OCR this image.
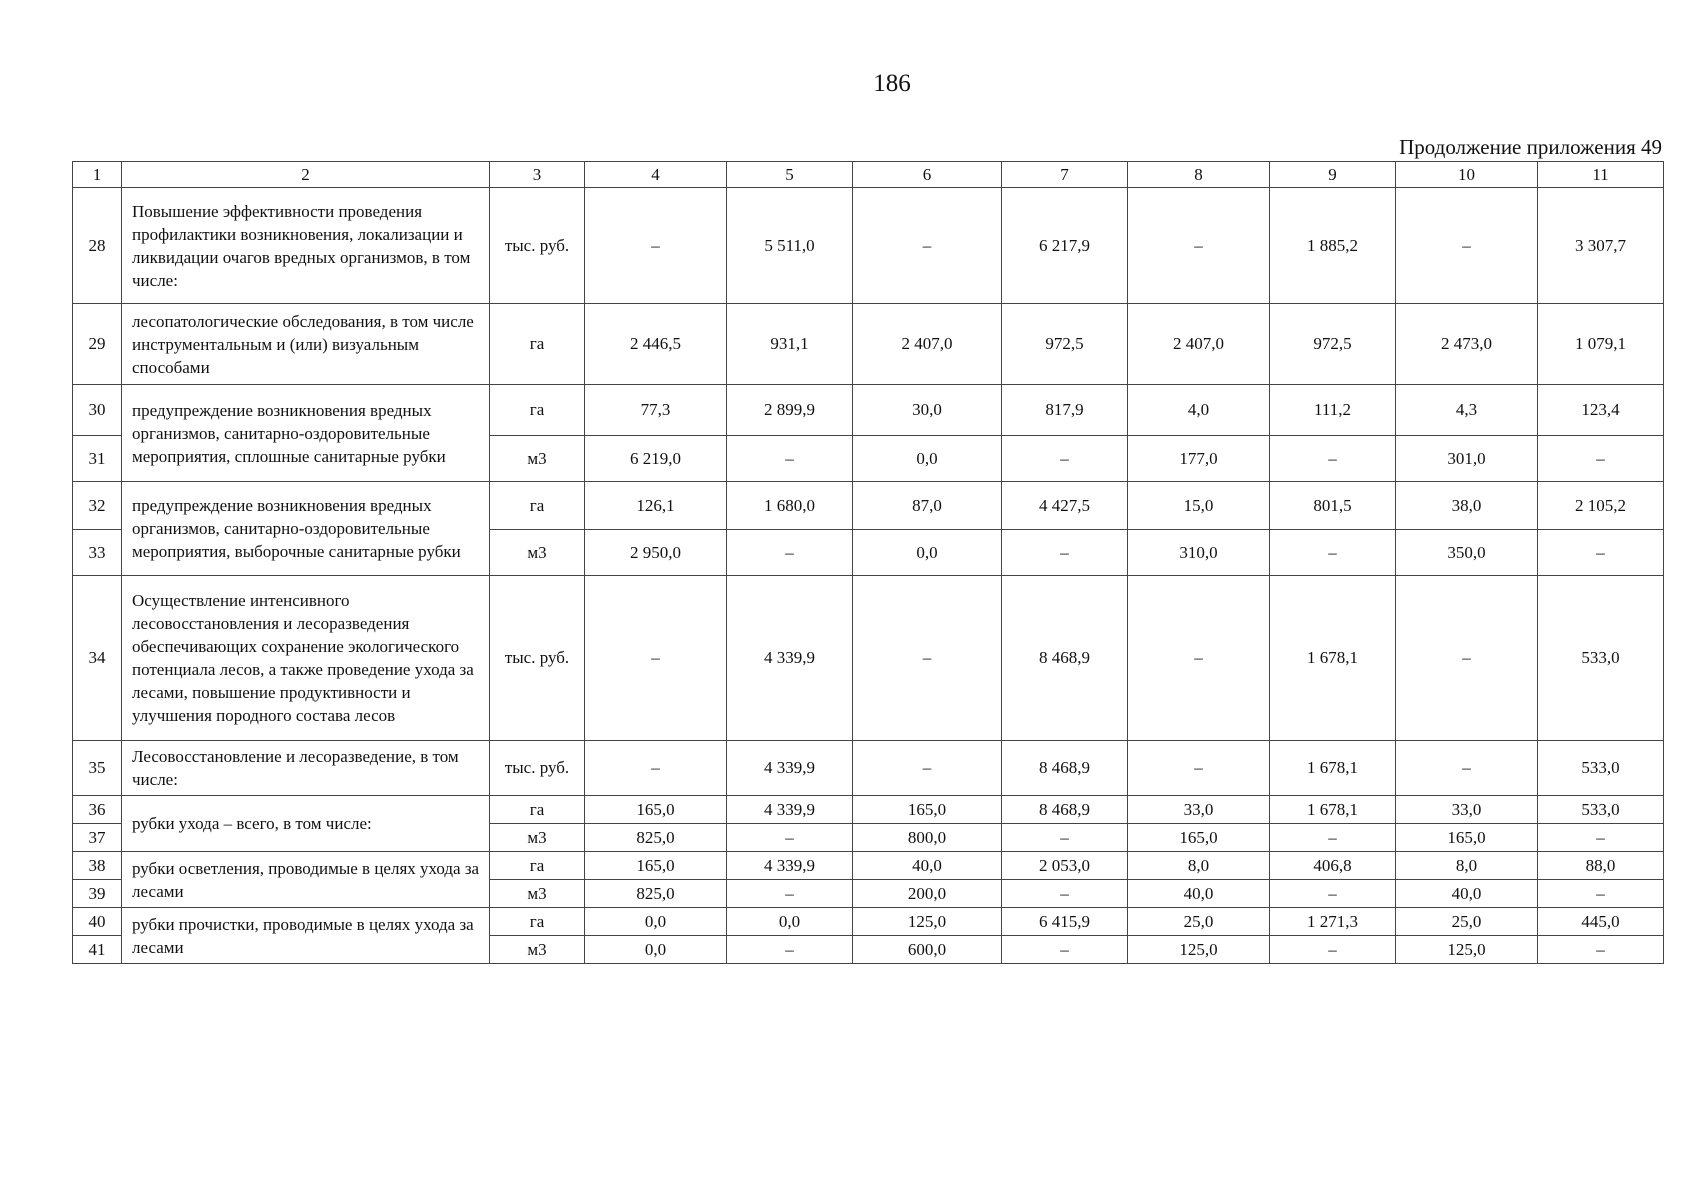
186
Продолжение приложения 49
1	2	3	4	5	6	7	8	9	10	11
28	Повышение эффективности проведения профилактики возникновения, локализации и ликвидации очагов вредных организмов, в том числе:	тыс. руб.	–	5 511,0	–	6 217,9	–	1 885,2	–	3 307,7
29	лесопатологические обследования, в том числе инструментальным и (или) визуальным способами	га	2 446,5	931,1	2 407,0	972,5	2 407,0	972,5	2 473,0	1 079,1
30	предупреждение возникновения вредных организмов, санитарно-оздоровительные мероприятия, сплошные санитарные рубки	га	77,3	2 899,9	30,0	817,9	4,0	111,2	4,3	123,4
31		м3	6 219,0	–	0,0	–	177,0	–	301,0	–
32	предупреждение возникновения вредных организмов, санитарно-оздоровительные мероприятия, выборочные санитарные рубки	га	126,1	1 680,0	87,0	4 427,5	15,0	801,5	38,0	2 105,2
33		м3	2 950,0	–	0,0	–	310,0	–	350,0	–
34	Осуществление интенсивного лесовосстановления и лесоразведения обеспечивающих сохранение экологического потенциала лесов, а также проведение ухода за лесами, повышение продуктивности и улучшения породного состава лесов	тыс. руб.	–	4 339,9	–	8 468,9	–	1 678,1	–	533,0
35	Лесовосстановление и лесоразведение, в том числе:	тыс. руб.	–	4 339,9	–	8 468,9	–	1 678,1	–	533,0
36	рубки ухода – всего, в том числе:	га	165,0	4 339,9	165,0	8 468,9	33,0	1 678,1	33,0	533,0
37		м3	825,0	–	800,0	–	165,0	–	165,0	–
38	рубки осветления, проводимые в целях ухода за лесами	га	165,0	4 339,9	40,0	2 053,0	8,0	406,8	8,0	88,0
39		м3	825,0	–	200,0	–	40,0	–	40,0	–
40	рубки прочистки, проводимые в целях ухода за лесами	га	0,0	0,0	125,0	6 415,9	25,0	1 271,3	25,0	445,0
41		м3	0,0	–	600,0	–	125,0	–	125,0	–
